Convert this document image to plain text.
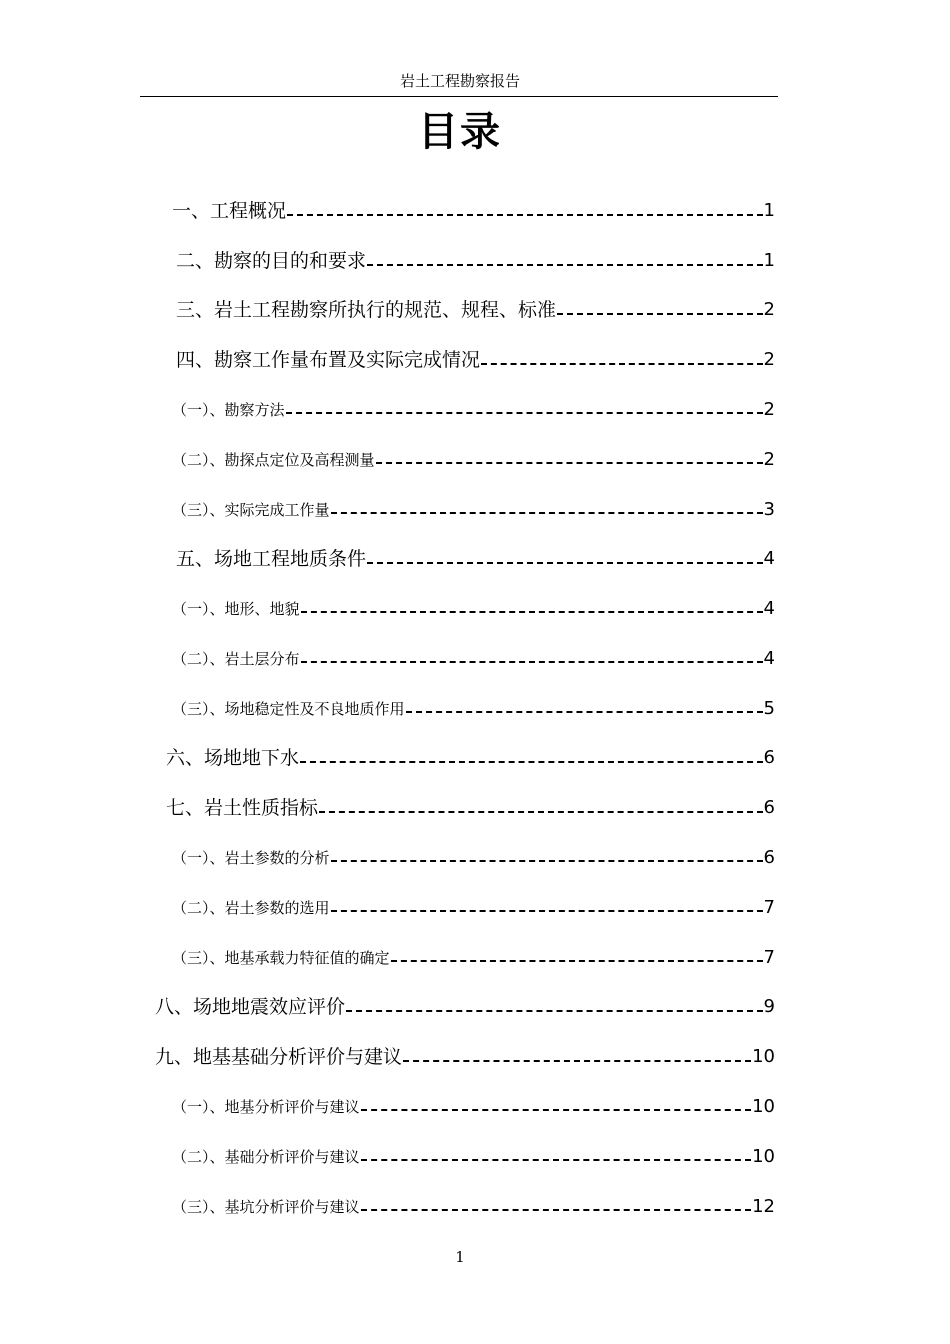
岩土工程勘察报告
目录
一、工程概况	1
二、勘察的目的和要求	1
三、岩土工程勘察所执行的规范、规程、标准	2
四、勘察工作量布置及实际完成情况	2
（一）、勘察方法	2
（二）、勘探点定位及高程测量	2
（三）、实际完成工作量	3
五、场地工程地质条件	4
（一）、地形、地貌	4
（二）、岩土层分布	4
（三）、场地稳定性及不良地质作用	5
六、场地地下水	6
七、岩土性质指标	6
（一）、岩土参数的分析	6
（二）、岩土参数的选用	7
（三）、地基承载力特征值的确定	7
八、场地地震效应评价	9
九、地基基础分析评价与建议	10
（一）、地基分析评价与建议	10
（二）、基础分析评价与建议	10
（三）、基坑分析评价与建议	12
1
